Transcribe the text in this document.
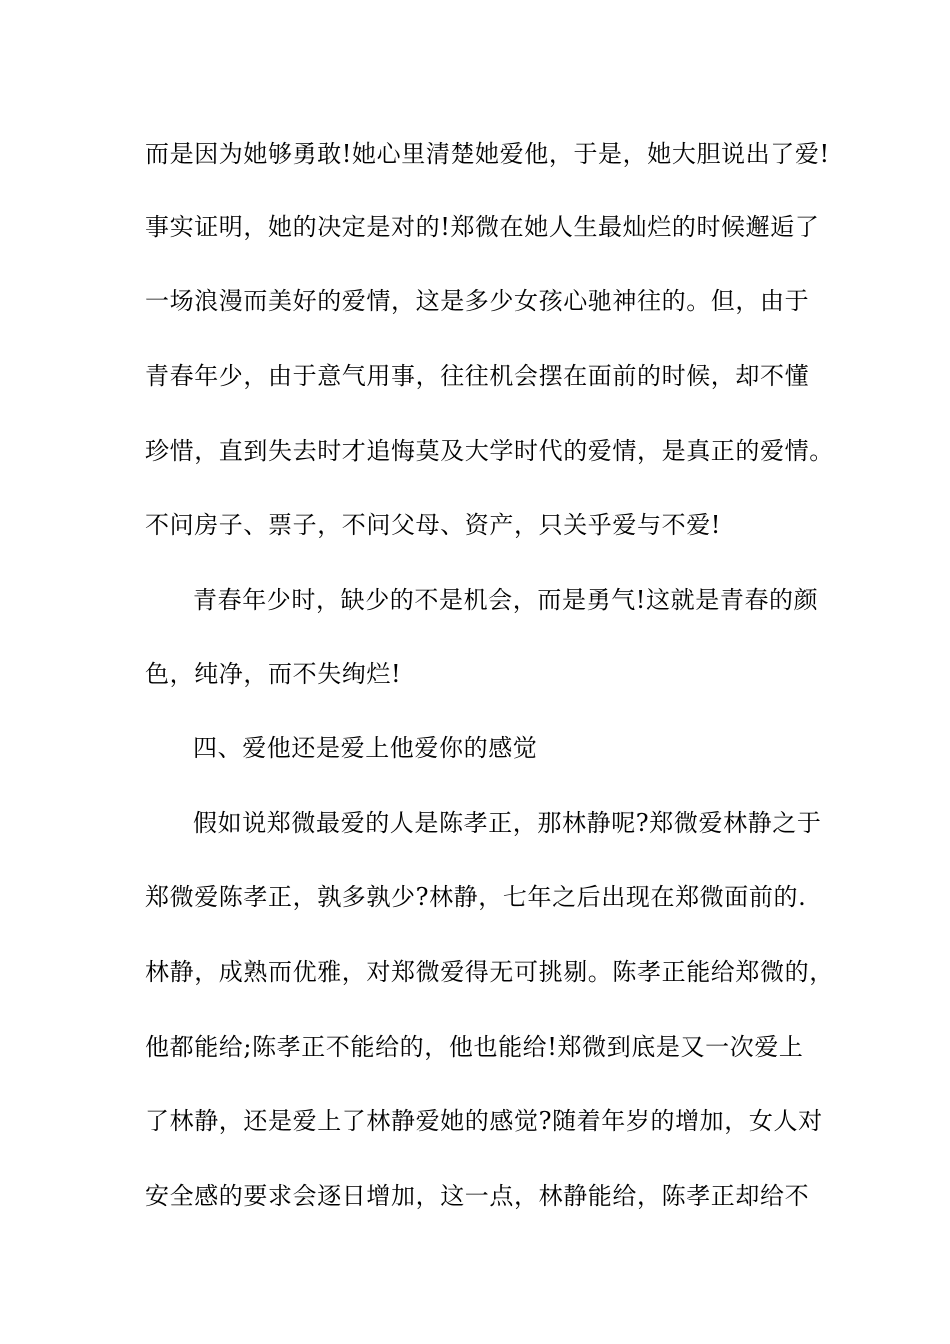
而是因为她够勇敢!她心里清楚她爱他，于是，她大胆说出了爱!
事实证明，她的决定是对的!郑微在她人生最灿烂的时候邂逅了
一场浪漫而美好的爱情，这是多少女孩心驰神往的。但，由于
青春年少，由于意气用事，往往机会摆在面前的时候，却不懂
珍惜，直到失去时才追悔莫及大学时代的爱情，是真正的爱情。
不问房子、票子，不问父母、资产，只关乎爱与不爱!
青春年少时，缺少的不是机会，而是勇气!这就是青春的颜
色，纯净，而不失绚烂!
四、爱他还是爱上他爱你的感觉
假如说郑微最爱的人是陈孝正，那林静呢?郑微爱林静之于
郑微爱陈孝正，孰多孰少?林静，七年之后出现在郑微面前的.
林静，成熟而优雅，对郑微爱得无可挑剔。陈孝正能给郑微的，
他都能给;陈孝正不能给的，他也能给!郑微到底是又一次爱上
了林静，还是爱上了林静爱她的感觉?随着年岁的增加，女人对
安全感的要求会逐日增加，这一点，林静能给，陈孝正却给不
